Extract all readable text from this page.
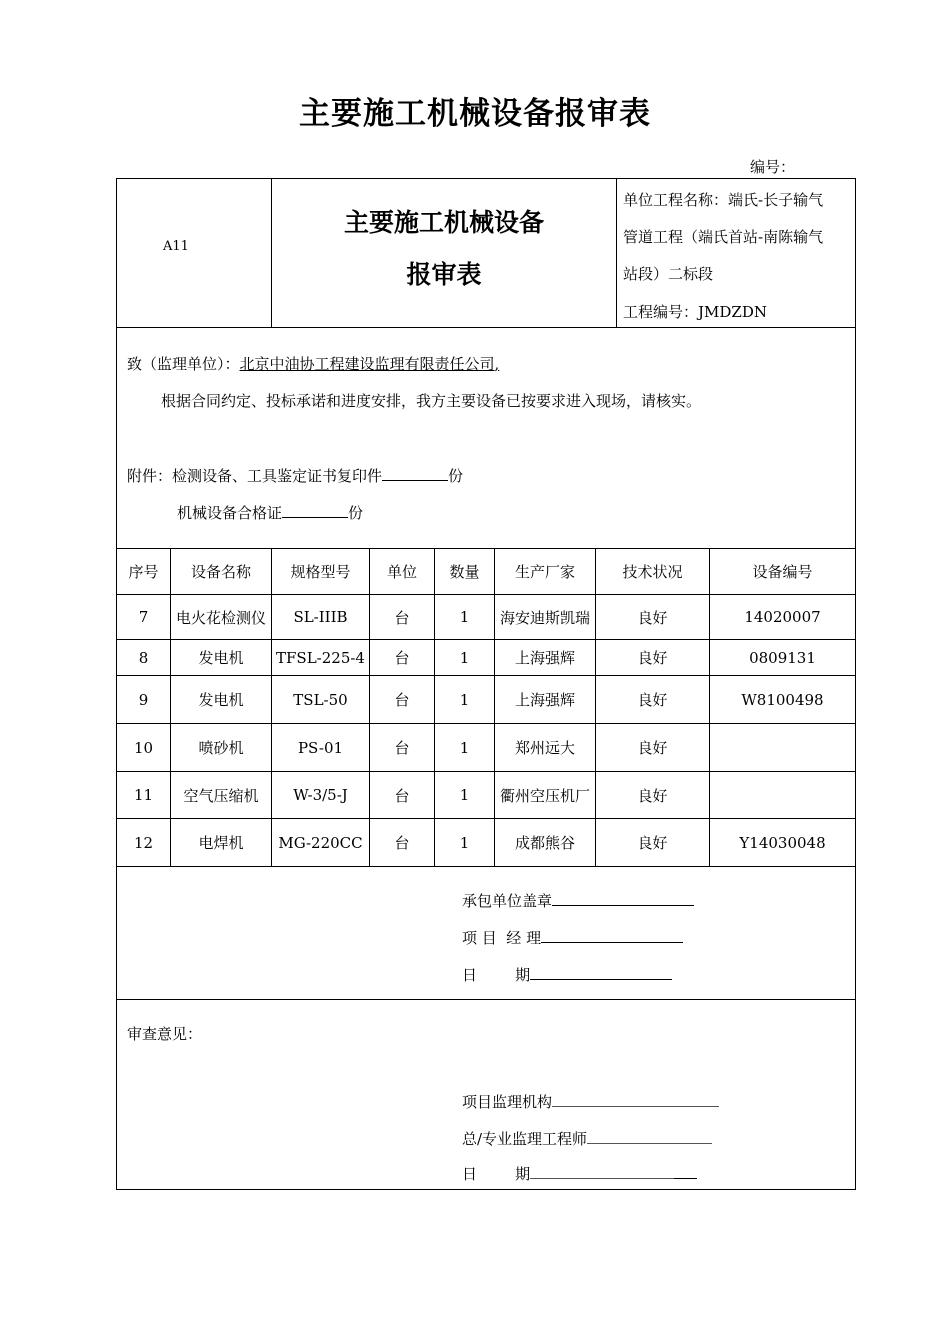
主要施工机械设备报审表
编号：
A11
主要施工机械设备
报审表
单位工程名称：端氏-长子输气
管道工程（端氏首站-南陈输气
站段）二标段
工程编号：JMDZDN
致（监理单位）：北京中油协工程建设监理有限责任公司,
根据合同约定、投标承诺和进度安排，我方主要设备已按要求进入现场，请核实。
附件：检测设备、工具鉴定证书复印件	份
机械设备合格证	份
序号	设备名称	规格型号	单位	数量	生产厂家	技术状况	设备编号
7	电火花检测仪	SL-IIIB	台	1	海安迪斯凯瑞	良好	14020007
8	发电机	TFSL-225-4	台	1	上海强辉	良好	0809131
9	发电机	TSL-50	台	1	上海强辉	良好	W8100498
10	喷砂机	PS-01	台	1	郑州远大	良好
11	空气压缩机	W-3/5-J	台	1	衢州空压机厂	良好
12	电焊机	MG-220CC	台	1	成都熊谷	良好	Y14030048
承包单位盖章
项 目  经 理
日        期
审查意见：
项目监理机构
总/专业监理工程师
日        期
